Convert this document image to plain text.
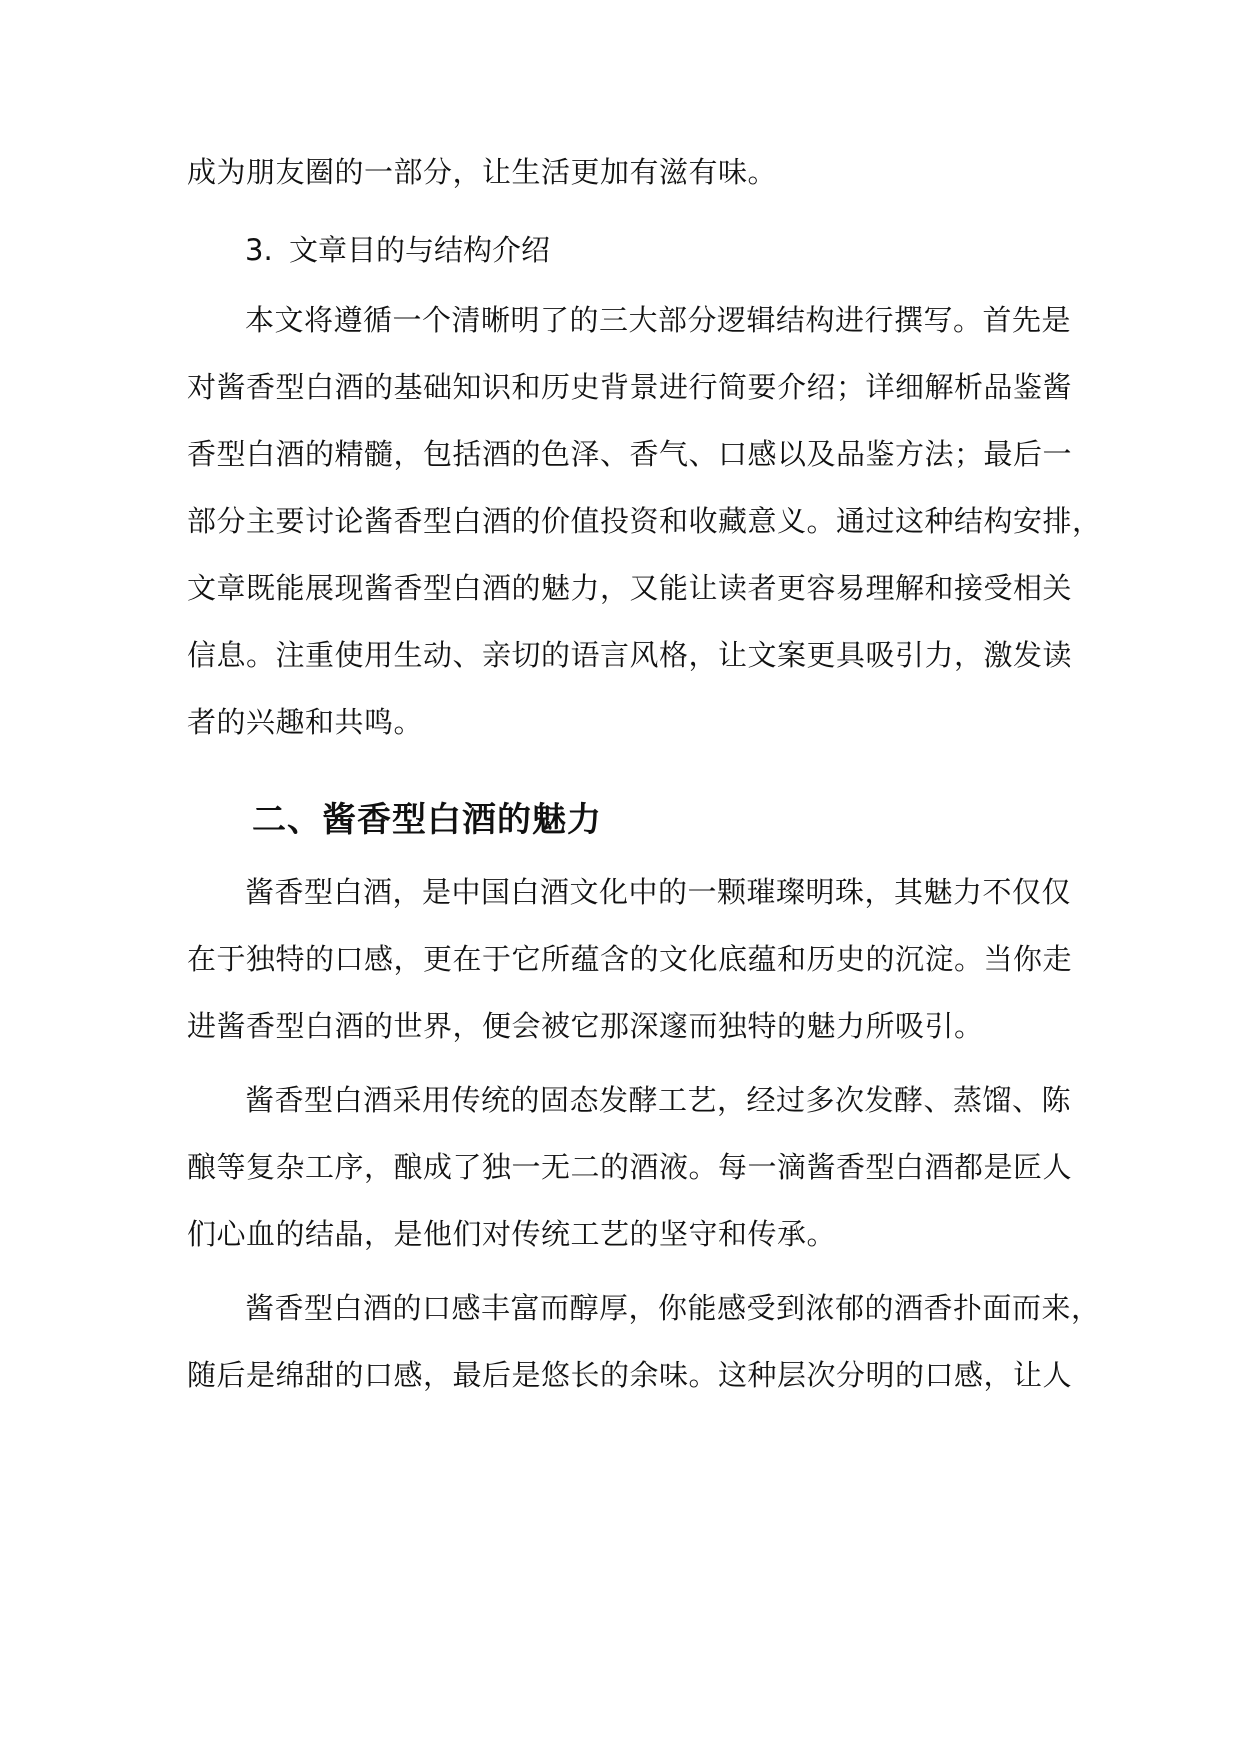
成为朋友圈的一部分，让生活更加有滋有味。
3. 文章目的与结构介绍
本文将遵循一个清晰明了的三大部分逻辑结构进行撰写。首先是
对酱香型白酒的基础知识和历史背景进行简要介绍；详细解析品鉴酱
香型白酒的精髓，包括酒的色泽、香气、口感以及品鉴方法；最后一
部分主要讨论酱香型白酒的价值投资和收藏意义。通过这种结构安排，
文章既能展现酱香型白酒的魅力，又能让读者更容易理解和接受相关
信息。注重使用生动、亲切的语言风格，让文案更具吸引力，激发读
者的兴趣和共鸣。
二、酱香型白酒的魅力
酱香型白酒，是中国白酒文化中的一颗璀璨明珠，其魅力不仅仅
在于独特的口感，更在于它所蕴含的文化底蕴和历史的沉淀。当你走
进酱香型白酒的世界，便会被它那深邃而独特的魅力所吸引。
酱香型白酒采用传统的固态发酵工艺，经过多次发酵、蒸馏、陈
酿等复杂工序，酿成了独一无二的酒液。每一滴酱香型白酒都是匠人
们心血的结晶，是他们对传统工艺的坚守和传承。
酱香型白酒的口感丰富而醇厚，你能感受到浓郁的酒香扑面而来，
随后是绵甜的口感，最后是悠长的余味。这种层次分明的口感，让人
